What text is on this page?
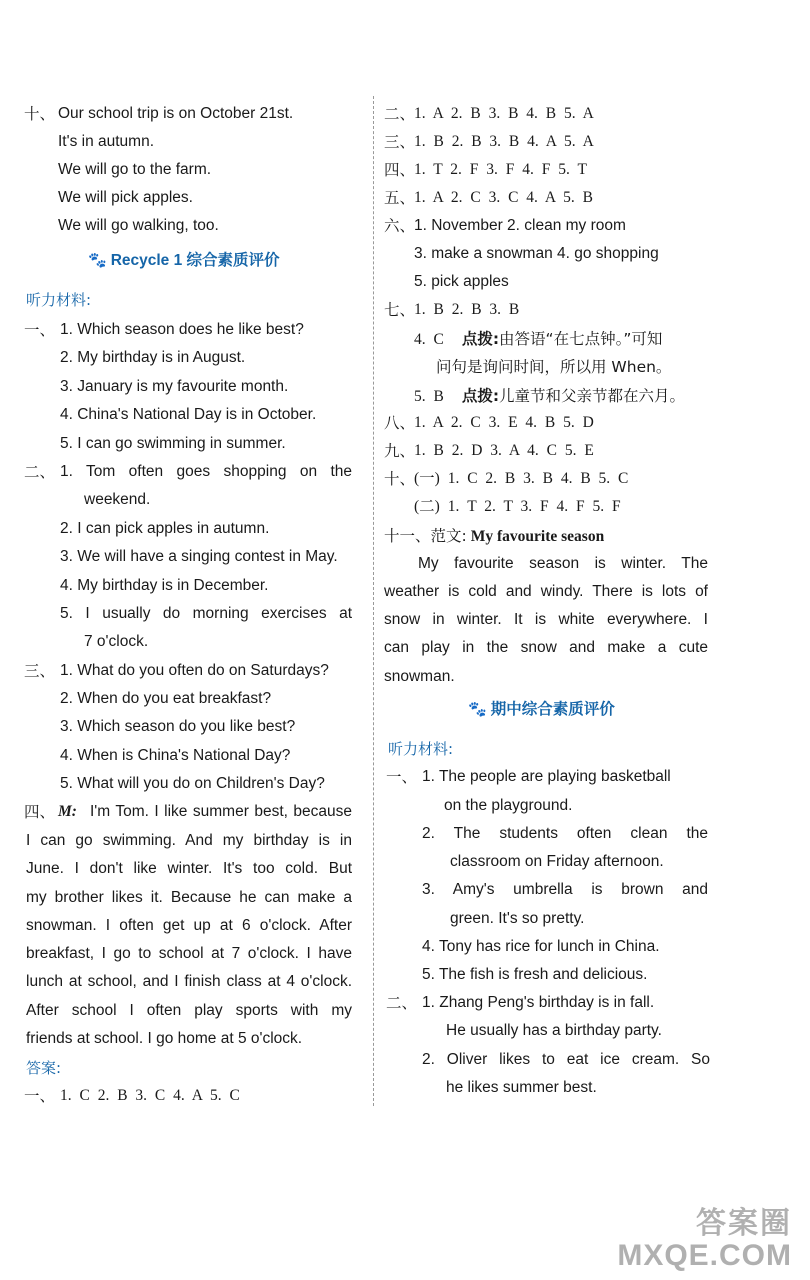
十、 Our school trip is on October 21st.
It's in autumn.
We will go to the farm.
We will pick apples.
We will go walking, too.
🐾 Recycle 1 综合素质评价
听力材料:
一、 1. Which season does he like best?
2. My birthday is in August.
3. January is my favourite month.
4. China's National Day is in October.
5. I can go swimming in summer.
二、 1. Tom often goes shopping on the
weekend.
2. I can pick apples in autumn.
3. We will have a singing contest in May.
4. My birthday is in December.
5. I usually do morning exercises at
7 o'clock.
三、 1. What do you often do on Saturdays?
2. When do you eat breakfast?
3. Which season do you like best?
4. When is China's National Day?
5. What will you do on Children's Day?
四、 M: I'm Tom. I like summer best, because
I can go swimming. And my birthday is in
June. I don't like winter. It's too cold. But
my brother likes it. Because he can make a
snowman. I often get up at 6 o'clock. After
breakfast, I go to school at 7 o'clock. I have
lunch at school, and I finish class at 4 o'clock.
After school I often play sports with my
friends at school. I go home at 5 o'clock.
答案:
一、 1. C 2. B 3. C 4. A 5. C
二、
1. A 2. B 3. B 4. B 5. A
三、
1. B 2. B 3. B 4. A 5. A
四、
1. T 2. F 3. F 4. F 5. T
五、
1. A 2. C 3. C 4. A 5. B
六、
1. November 2. clean my room
3. make a snowman 4. go shopping
5. pick apples
七、
1. B 2. B 3. B
4. C 点拨:由答语“在七点钟。”可知
问句是询问时间，所以用 When。
5. B 点拨:儿童节和父亲节都在六月。
八、
1. A 2. C 3. E 4. B 5. D
九、
1. B 2. D 3. A 4. C 5. E
十、
(一) 1. C 2. B 3. B 4. B 5. C
(二) 1. T 2. T 3. F 4. F 5. F
十一、范文: My favourite season
My favourite season is winter. The
weather is cold and windy. There is lots of
snow in winter. It is white everywhere. I
can play in the snow and make a cute
snowman.
🐾 期中综合素质评价
听力材料:
一、 1. The people are playing basketball
on the playground.
2. The students often clean the
classroom on Friday afternoon.
3. Amy's umbrella is brown and
green. It's so pretty.
4. Tony has rice for lunch in China.
5. The fish is fresh and delicious.
二、 1. Zhang Peng's birthday is in fall.
He usually has a birthday party.
2. Oliver likes to eat ice cream. So
he likes summer best.
答案圈
MXQE.COM
